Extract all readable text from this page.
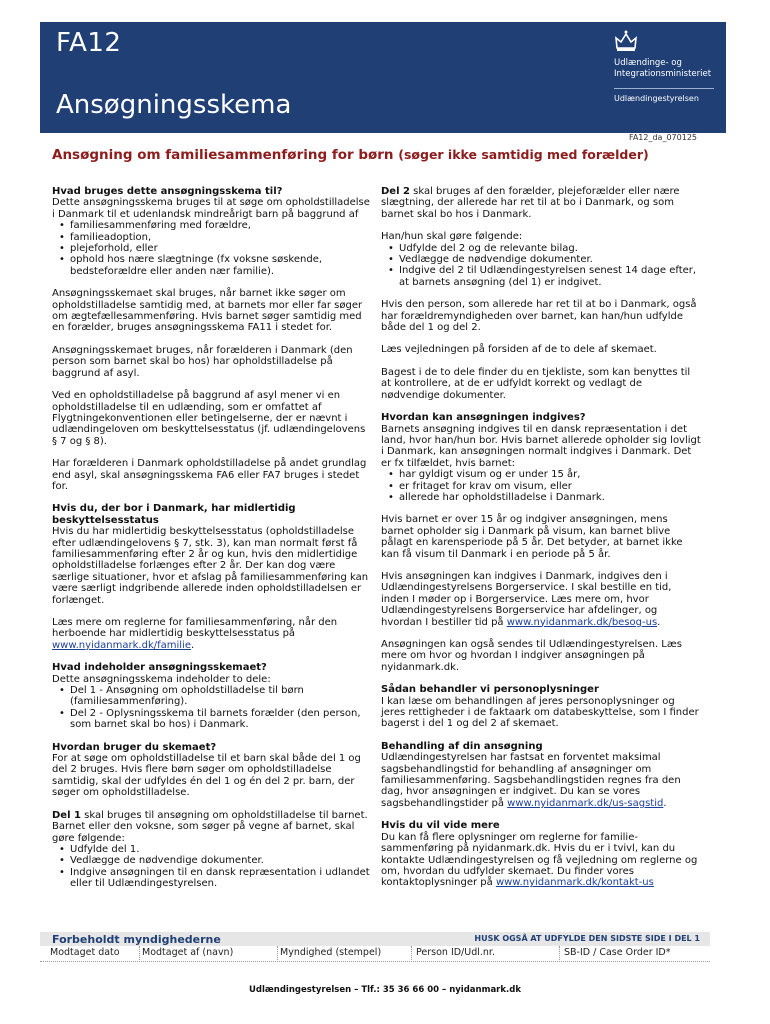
FA12
Ansøgningsskema
Udlændinge- og Integrationsministeriet
Udlændingestyrelsen
FA12_da_070125
Ansøgning om familiesammenføring for børn (søger ikke samtidig med forælder)
Hvad bruges dette ansøgningsskema til?

Dette ansøgningsskema bruges til at søge om opholdstilladelse i Danmark til et udenlandsk mindreårigt barn på baggrund af

• familiesammenføring med forældre,
• familieadoption,
• plejeforhold, eller
• ophold hos nære slægtninge (fx voksne søskende, bedsteforældre eller anden nær familie).

Ansøgningsskemaet skal bruges, når barnet ikke søger om opholdstilladelse samtidig med, at barnets mor eller far søger om ægtefællesammenføring. Hvis barnet søger samtidig med en forælder, bruges ansøgningsskema FA11 i stedet for.

Ansøgningsskemaet bruges, når forælderen i Danmark (den person som barnet skal bo hos) har opholdstilladelse på baggrund af asyl.

Ved en opholdstilladelse på baggrund af asyl mener vi en opholdstilladelse til en udlænding, som er omfattet af Flygtningekonventionen eller betingelserne, der er nævnt i udlændingeloven om beskyttelsesstatus (jf. udlændingelovens § 7 og § 8).

Har forælderen i Danmark opholdstilladelse på andet grundlag end asyl, skal ansøgningsskema FA6 eller FA7 bruges i stedet for.

Hvis du, der bor i Danmark, har midlertidig beskyttelsesstatus

Hvis du har midlertidig beskyttelsesstatus (opholdstilladelse efter udlændingelovens § 7, stk. 3), kan man normalt først få familiesammenføring efter 2 år og kun, hvis den midlertidige opholdstilladelse forlænges efter 2 år. Der kan dog være særlige situationer, hvor et afslag på familiesammenføring kan være særligt indgribende allerede inden opholdstilladelsen er forlænget.

Læs mere om reglerne for familiesammenføring, når den herboende har midlertidig beskyttelsesstatus på www.nyidanmark.dk/familie.

Hvad indeholder ansøgningsskemaet?

Dette ansøgningsskema indeholder to dele:

• Del 1 - Ansøgning om opholdstilladelse til børn (familiesammenføring).
• Del 2 - Oplysningsskema til barnets forælder (den person, som barnet skal bo hos) i Danmark.
Hvordan bruger du skemaet?

For at søge om opholdstilladelse til et barn skal både del 1 og del 2 bruges. Hvis flere børn søger om opholdstilladelse samtidig, skal der udfyldes én del 1 og én del 2 pr. barn, der søger om opholdstilladelse.

Del 1 skal bruges til ansøgning om opholdstilladelse til barnet. Barnet eller den voksne, som søger på vegne af barnet, skal gøre følgende:

• Udfylde del 1.
• Vedlægge de nødvendige dokumenter.
• Indgive ansøgningen til en dansk repræsentation i udlandet eller til Udlændingestyrelsen.

Del 2 skal bruges af den forælder, plejeforælder eller nære slægtning, der allerede har ret til at bo i Danmark, og som barnet skal bo hos i Danmark.

Han/hun skal gøre følgende:

• Udfylde del 2 og de relevante bilag.
• Vedlægge de nødvendige dokumenter.
• Indgive del 2 til Udlændingestyrelsen senest 14 dage efter, at barnets ansøgning (del 1) er indgivet.

Hvis den person, som allerede har ret til at bo i Danmark, også har forældremyndigheden over barnet, kan han/hun udfylde både del 1 og del 2.

Læs vejledningen på forsiden af de to dele af skemaet.

Bagest i de to dele finder du en tjekliste, som kan benyttes til at kontrollere, at de er udfyldt korrekt og vedlagt de nødvendige dokumenter.

Hvordan kan ansøgningen indgives?

Barnets ansøgning indgives til en dansk repræsentation i det land, hvor han/hun bor. Hvis barnet allerede opholder sig lovligt i Danmark, kan ansøgningen normalt indgives i Danmark. Det er fx tilfældet, hvis barnet:

• har gyldigt visum og er under 15 år,
• er fritaget for krav om visum, eller
• allerede har opholdstilladelse i Danmark.

Hvis barnet er over 15 år og indgiver ansøgningen, mens barnet opholder sig i Danmark på visum, kan barnet blive pålagt en karensperiode på 5 år. Det betyder, at barnet ikke kan få visum til Danmark i en periode på 5 år.

Hvis ansøgningen kan indgives i Danmark, indgives den i Udlændingestyrelsens Borgerservice. I skal bestille en tid, inden I møder op i Borgerservice. Læs mere om, hvor Udlændingestyrelsens Borgerservice har afdelinger, og hvordan I bestiller tid på www.nyidanmark.dk/besog-us.

Ansøgningen kan også sendes til Udlændingestyrelsen. Læs mere om hvor og hvordan I indgiver ansøgningen på nyidanmark.dk.

Sådan behandler vi personoplysninger

I kan læse om behandlingen af jeres personoplysninger og jeres rettigheder i de faktaark om databeskyttelse, som I finder bagerst i del 1 og del 2 af skemaet.

Behandling af din ansøgning

Udlændingestyrelsen har fastsat en forventet maksimal sagsbehandlingstid for behandling af ansøgninger om familiesammenføring. Sagsbehandlingstiden regnes fra den dag, hvor ansøgningen er indgivet. Du kan se vores sagsbehandlingstider på www.nyidanmark.dk/us-sagstid.

Hvis du vil vide mere

Du kan få flere oplysninger om reglerne for familie-sammenføring på nyidanmark.dk. Hvis du er i tvivl, kan du kontakte Udlændingestyrelsen og få vejledning om reglerne og om, hvordan du udfylder skemaet. Du finder vores kontaktoplysninger på www.nyidanmark.dk/kontakt-us

Forbeholdt myndighederne	HUSK OGSÅ AT UDFYLDE DEN SIDSTE SIDE I DEL 1
Modtaget dato	Modtaget af (navn)	Myndighed (stempel)	Person ID/Udl.nr.	SB-ID / Case Order ID*
Udlændingestyrelsen – Tlf.: 35 36 66 00 – nyidanmark.dk
